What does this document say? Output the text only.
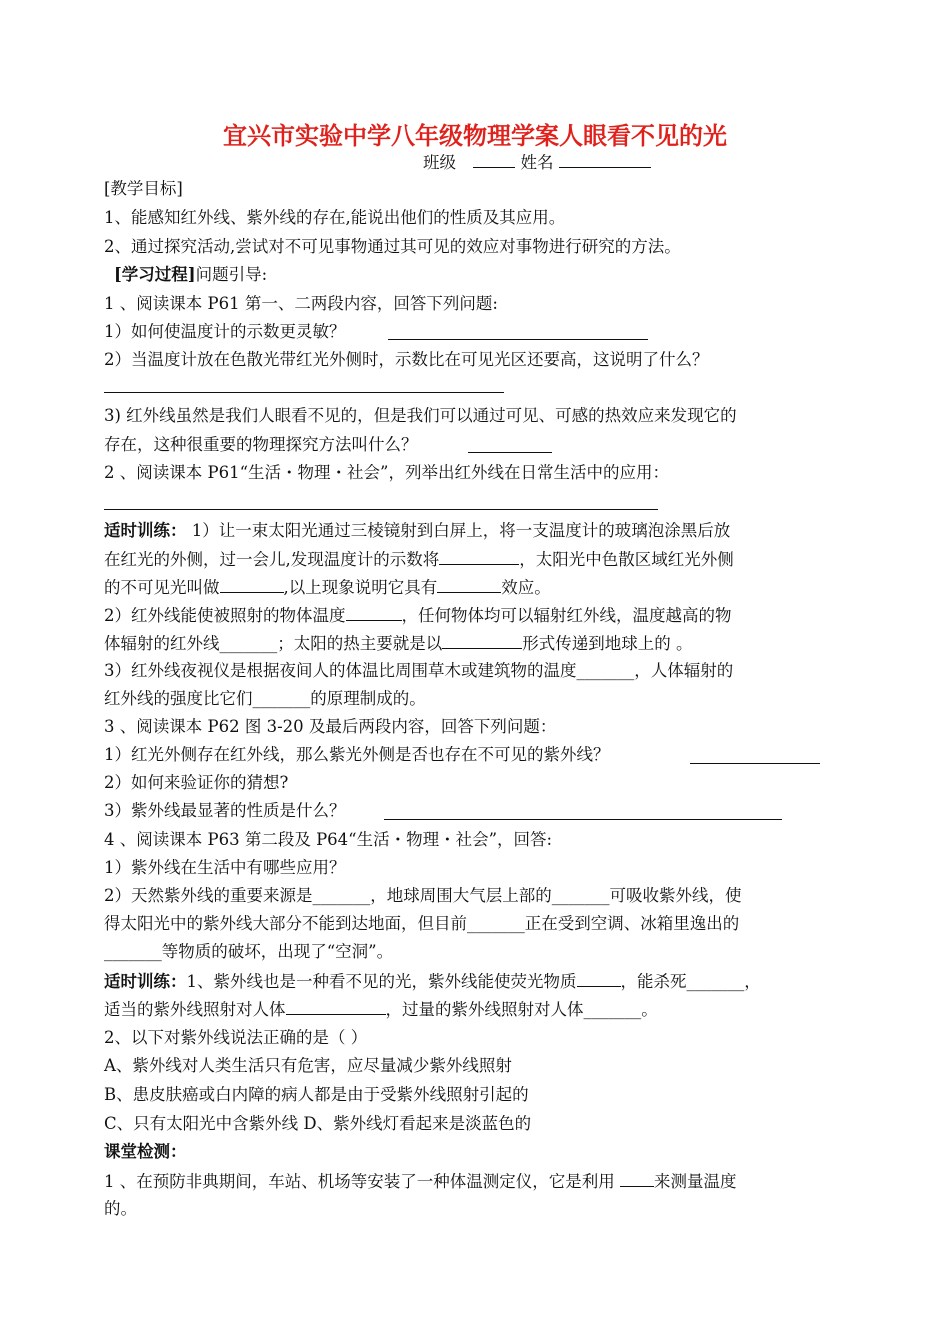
宜兴市实验中学八年级物理学案人眼看不见的光
班级	姓名
[教学目标]
1、能感知红外线、紫外线的存在,能说出他们的性质及其应用。
2、通过探究活动,尝试对不可见事物通过其可见的效应对事物进行研究的方法。
[学习过程]问题引导:
1 、阅读课本 P61 第一、二两段内容，回答下列问题:
1）如何使温度计的示数更灵敏？
2）当温度计放在色散光带红光外侧时，示数比在可见光区还要高，这说明了什么？
3) 红外线虽然是我们人眼看不见的，但是我们可以通过可见、可感的热效应来发现它的
存在，这种很重要的物理探究方法叫什么？
2 、阅读课本 P61“生活・物理・社会”，列举出红外线在日常生活中的应用：
适时训练： 1）让一束太阳光通过三棱镜射到白屏上，将一支温度计的玻璃泡涂黑后放
在红光的外侧，过一会儿,发现温度计的示数将	，太阳光中色散区域红光外侧
的不可见光叫做	,以上现象说明它具有	效应。
2）红外线能使被照射的物体温度	，任何物体均可以辐射红外线，温度越高的物
体辐射的红外线_______；太阳的热主要就是以	形式传递到地球上的 。
3）红外线夜视仪是根据夜间人的体温比周围草木或建筑物的温度_______，人体辐射的
红外线的强度比它们_______的原理制成的。
3 、阅读课本 P62 图 3-20 及最后两段内容，回答下列问题：
1）红光外侧存在红外线，那么紫光外侧是否也存在不可见的紫外线？
2）如何来验证你的猜想?
3）紫外线最显著的性质是什么？
4 、阅读课本 P63 第二段及 P64“生活・物理・社会”，回答:
1）紫外线在生活中有哪些应用？
2）天然紫外线的重要来源是_______，地球周围大气层上部的_______可吸收紫外线，使
得太阳光中的紫外线大部分不能到达地面，但目前_______正在受到空调、冰箱里逸出的
_______等物质的破坏，出现了“空洞”。
适时训练：1、紫外线也是一种看不见的光，紫外线能使荧光物质	，能杀死_______，
适当的紫外线照射对人体	，过量的紫外线照射对人体_______。
2、以下对紫外线说法正确的是（ ）
A、紫外线对人类生活只有危害，应尽量减少紫外线照射
B、患皮肤癌或白内障的病人都是由于受紫外线照射引起的
C、只有太阳光中含紫外线 D、紫外线灯看起来是淡蓝色的
课堂检测：
1 、在预防非典期间，车站、机场等安装了一种体温测定仪，它是利用 来测量温度
的。
